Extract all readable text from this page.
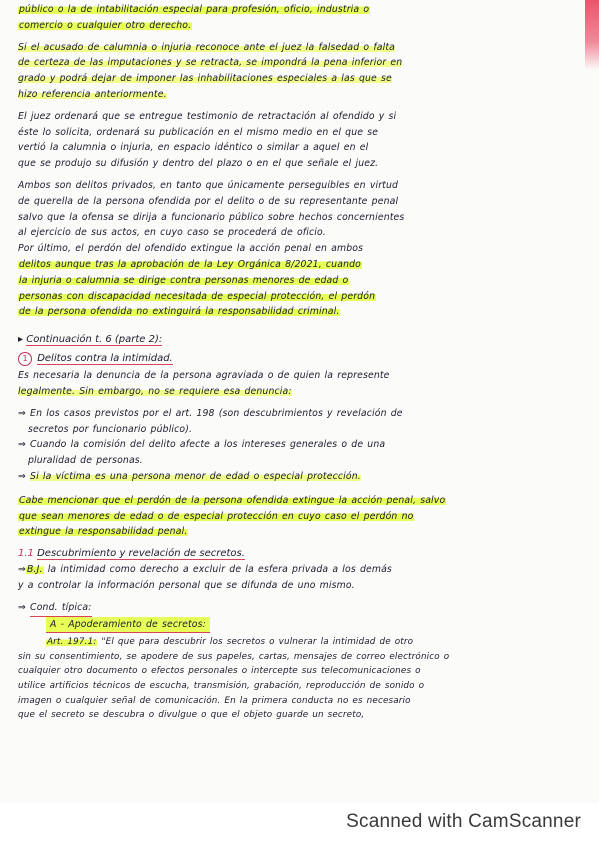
público o la de intabilitación especial para profesión, oficio, industria o

comercio o cualquier otro derecho.

Si el acusado de calumnia o injuria reconoce ante el juez la falsedad o falta

de certeza de las imputaciones y se retracta, se impondrá la pena inferior en

grado y podrá dejar de imponer las inhabilitaciones especiales a las que se

hizo referencia anteriormente.

El juez ordenará que se entregue testimonio de retractación al ofendido y si

éste lo solicita, ordenará su publicación en el mismo medio en el que se

vertió la calumnia o injuria, en espacio idéntico o similar a aquel en el

que se produjo su difusión y dentro del plazo o en el que señale el juez.

Ambos son delitos privados, en tanto que únicamente perseguibles en virtud

de querella de la persona ofendida por el delito o de su representante penal

salvo que la ofensa se dirija a funcionario público sobre hechos concernientes

al ejercicio de sus actos, en cuyo caso se procederá de oficio.

Por último, el perdón del ofendido extingue la acción penal en ambos

delitos aunque tras la aprobación de la Ley Orgánica 8/2021, cuando

la injuria o calumnia se dirige contra personas menores de edad o

personas con discapacidad necesitada de especial protección, el perdón

de la persona ofendida no extinguirá la responsabilidad criminal.

▸ Continuación t. 6 (parte 2):
1 Delitos contra la intimidad.

Es necesaria la denuncia de la persona agraviada o de quien la represente

legalmente. Sin embargo, no se requiere esa denuncia:

⇒ En los casos previstos por el art. 198 (son descubrimientos y revelación de

secretos por funcionario público).

⇒ Cuando la comisión del delito afecte a los intereses generales o de una

pluralidad de personas.

⇒ Si la víctima es una persona menor de edad o especial protección.

Cabe mencionar que el perdón de la persona ofendida extingue la acción penal, salvo

que sean menores de edad o de especial protección en cuyo caso el perdón no

extingue la responsabilidad penal.

1.1 Descubrimiento y revelación de secretos.

⇒B.J. la intimidad como derecho a excluir de la esfera privada a los demás

y a controlar la información personal que se difunda de uno mismo.

⇒ Cond. típica:

A - Apoderamiento de secretos:

Art. 197.1: "El que para descubrir los secretos o vulnerar la intimidad de otro

sin su consentimiento, se apodere de sus papeles, cartas, mensajes de correo electrónico o

cualquier otro documento o efectos personales o intercepte sus telecomunicaciones o

utilice artificios técnicos de escucha, transmisión, grabación, reproducción de sonido o

imagen o cualquier señal de comunicación. En la primera conducta no es necesario

que el secreto se descubra o divulgue o que el objeto guarde un secreto,

Scanned with CamScanner
